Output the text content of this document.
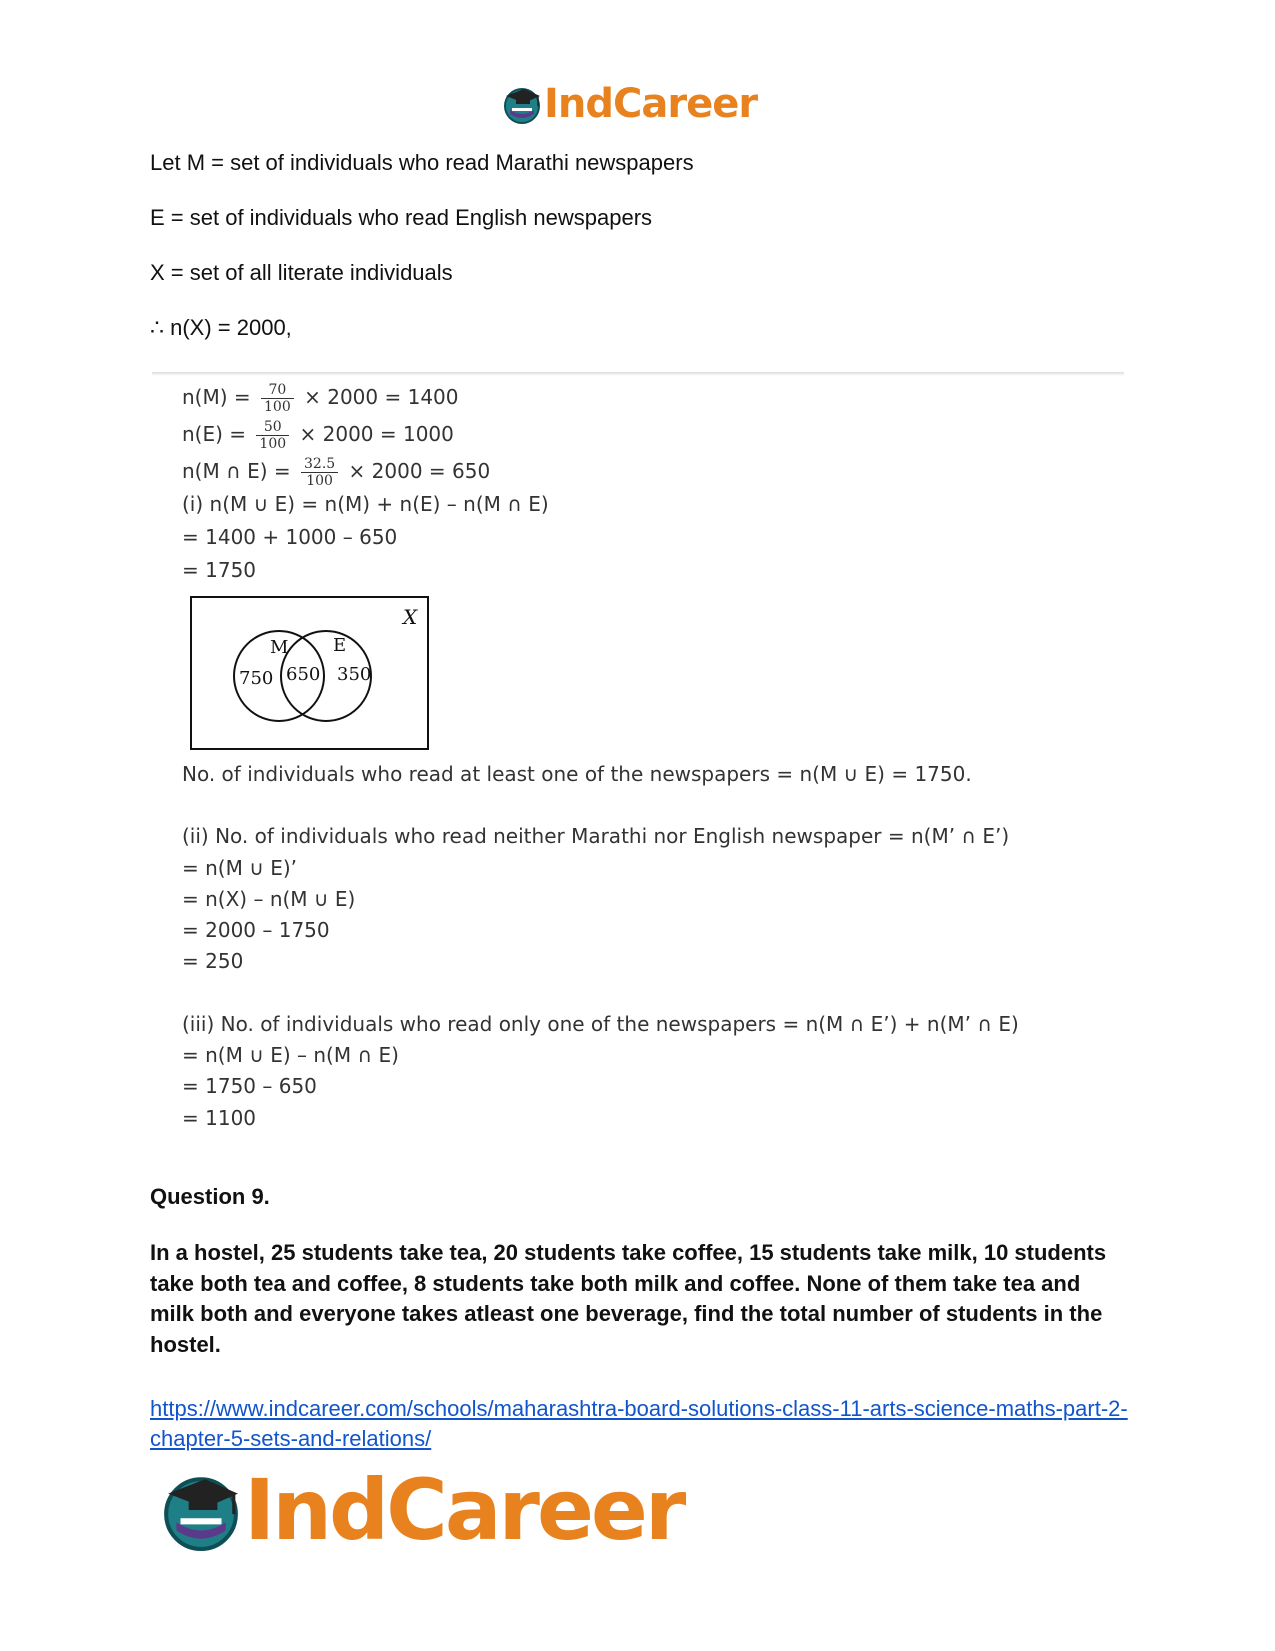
IndCareer
Let M = set of individuals who read Marathi newspapers
E = set of individuals who read English newspapers
X = set of all literate individuals
∴ n(X) = 2000,
$n(M) = \frac{70}{100} \times 2000 = 1400$
$n(E) = \frac{50}{100} \times 2000 = 1000$
n(M ∩ $E) = \frac{32.5}{100} \times 2000 = 650$
(i) n(M ∪ E) = n(M) + n(E) – n(M ∩ E)
= 1400 + 1000 – 650
= 1750
X
M E
750 650 350
No. of individuals who read at least one of the newspapers = n(M ∪ E) = 1750.
(ii) No. of individuals who read neither Marathi nor English newspaper = n(M’ ∩ E’)
= n(M ∪ E)’
= n(X) – n(M ∪ E)
= 2000 – 1750
= 250
(iii) No. of individuals who read only one of the newspapers = n(M ∩ E’) + n(M’ ∩ E)
= n(M ∪ E) – n(M ∩ E)
= 1750 – 650
= 1100
Question 9.
In a hostel, 25 students take tea, 20 students take coffee, 15 students take milk, 10 students take both tea and coffee, 8 students take both milk and coffee. None of them take tea and milk both and everyone takes atleast one beverage, find the total number of students in the hostel.
https://www.indcareer.com/schools/maharashtra-board-solutions-class-11-arts-science-maths-part-2-chapter-5-sets-and-relations/
IndCareer
